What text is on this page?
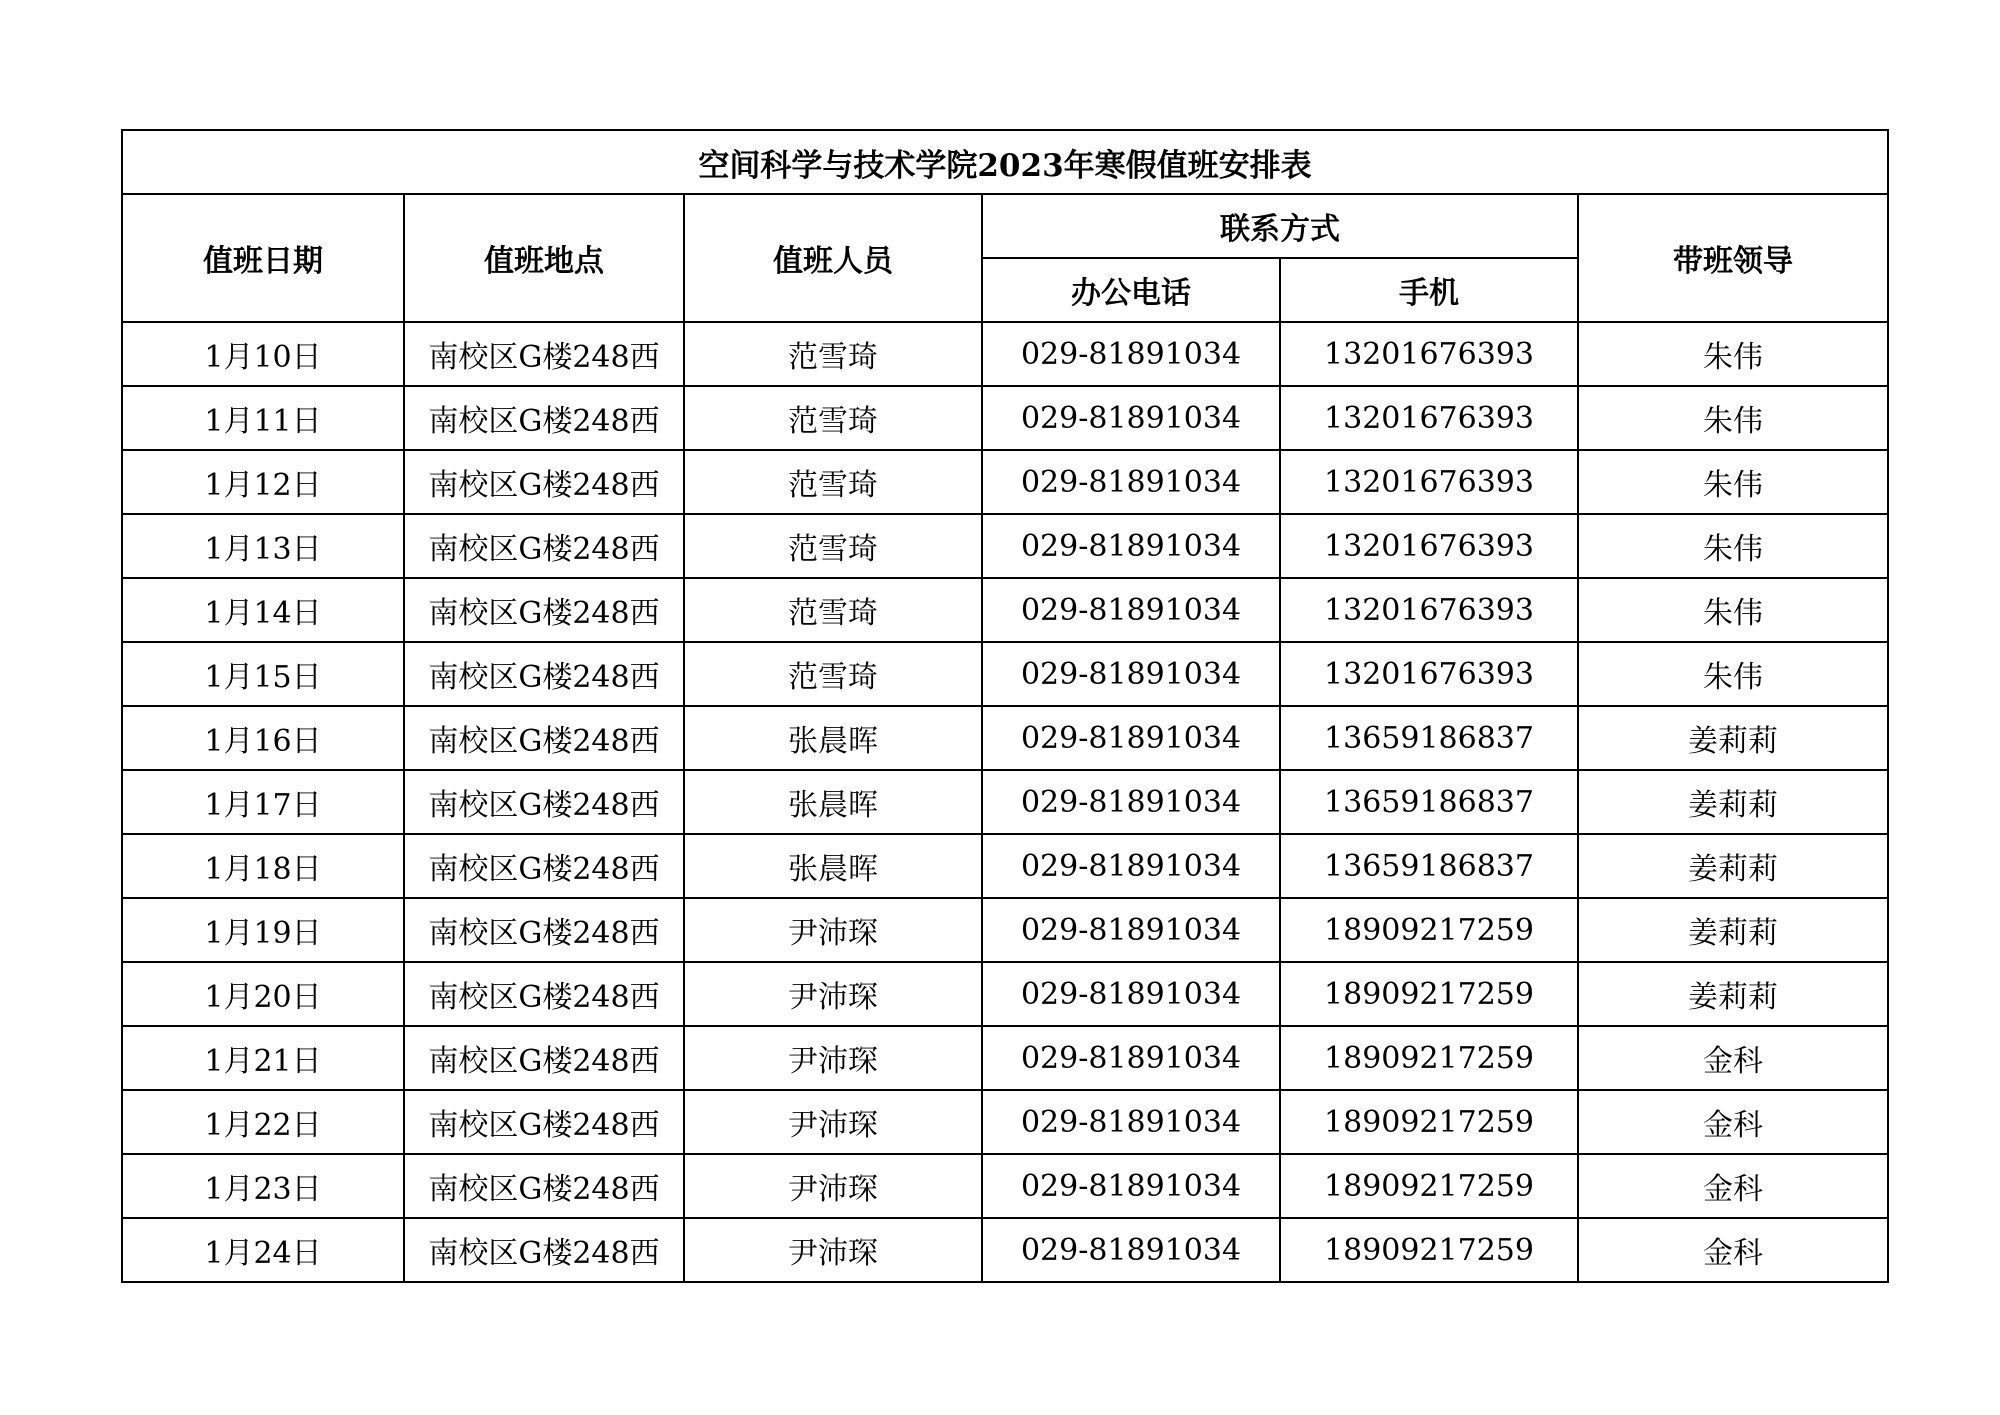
空间科学与技术学院2023年寒假值班安排表					
值班日期	值班地点	值班人员	联系方式		带班领导
			办公电话	手机	
1月10日	南校区G楼248西	范雪琦	029-81891034	13201676393	朱伟
1月11日	南校区G楼248西	范雪琦	029-81891034	13201676393	朱伟
1月12日	南校区G楼248西	范雪琦	029-81891034	13201676393	朱伟
1月13日	南校区G楼248西	范雪琦	029-81891034	13201676393	朱伟
1月14日	南校区G楼248西	范雪琦	029-81891034	13201676393	朱伟
1月15日	南校区G楼248西	范雪琦	029-81891034	13201676393	朱伟
1月16日	南校区G楼248西	张晨晖	029-81891034	13659186837	姜莉莉
1月17日	南校区G楼248西	张晨晖	029-81891034	13659186837	姜莉莉
1月18日	南校区G楼248西	张晨晖	029-81891034	13659186837	姜莉莉
1月19日	南校区G楼248西	尹沛琛	029-81891034	18909217259	姜莉莉
1月20日	南校区G楼248西	尹沛琛	029-81891034	18909217259	姜莉莉
1月21日	南校区G楼248西	尹沛琛	029-81891034	18909217259	金科
1月22日	南校区G楼248西	尹沛琛	029-81891034	18909217259	金科
1月23日	南校区G楼248西	尹沛琛	029-81891034	18909217259	金科
1月24日	南校区G楼248西	尹沛琛	029-81891034	18909217259	金科
